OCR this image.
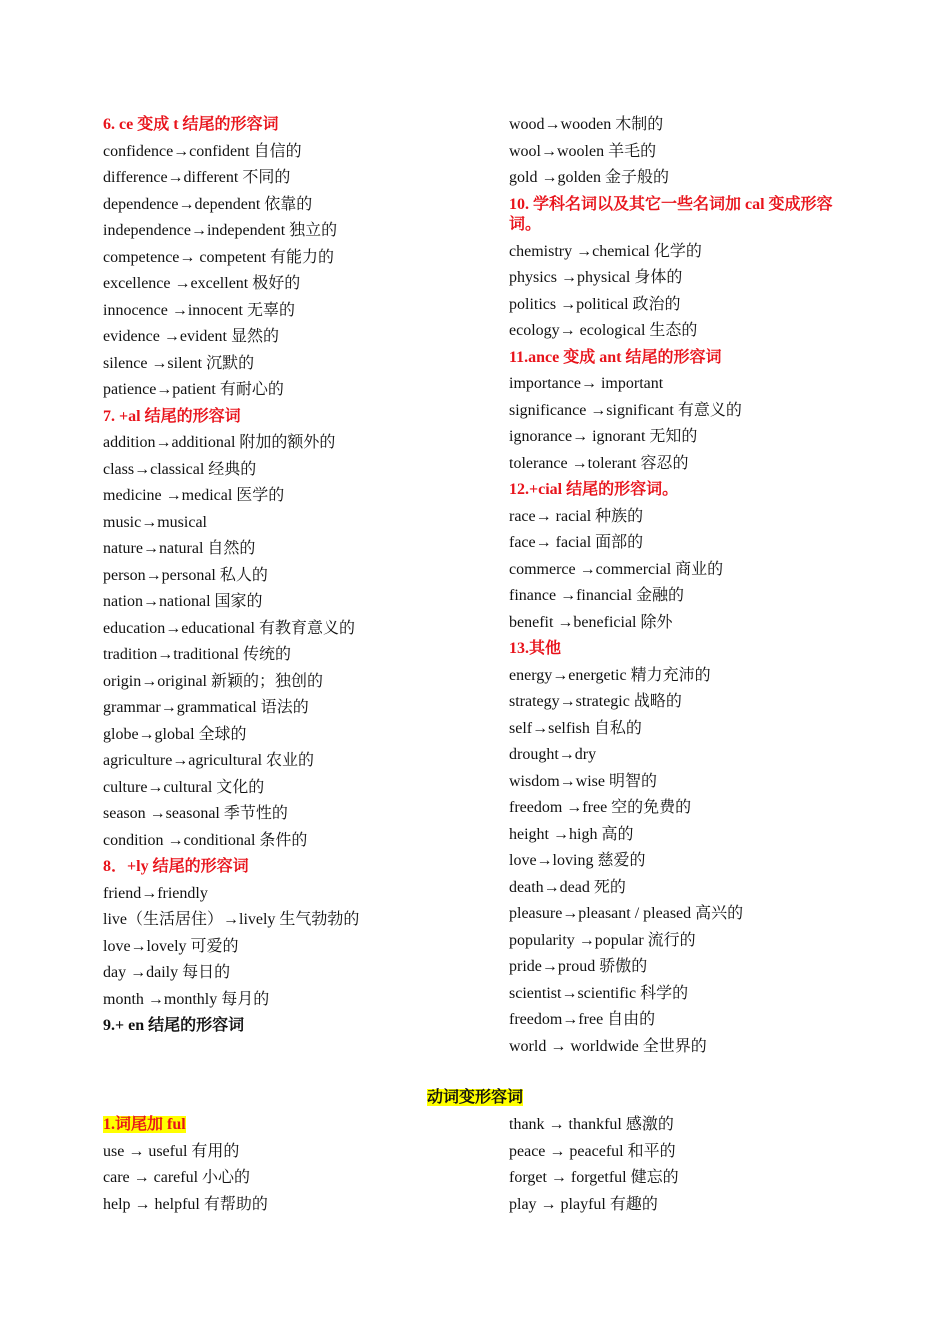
6. ce 变成 t 结尾的形容词
confidence→confident 自信的
difference→different 不同的
dependence→dependent 依靠的
independence→independent 独立的
competence→ competent 有能力的
excellence →excellent 极好的
innocence →innocent 无辜的
evidence →evident 显然的
silence →silent 沉默的
patience→patient 有耐心的
7. +al 结尾的形容词
addition→additional 附加的额外的
class→classical 经典的
medicine →medical 医学的
music→musical
nature→natural 自然的
person→personal 私人的
nation→national 国家的
education→educational 有教育意义的
tradition→traditional 传统的
origin→original 新颖的；独创的
grammar→grammatical 语法的
globe→global 全球的
agriculture→agricultural 农业的
culture→cultural 文化的
season →seasonal 季节性的
condition →conditional 条件的
8．+ly 结尾的形容词
friend→friendly
live（生活居住）→lively 生气勃勃的
love→lovely 可爱的
day →daily 每日的
month →monthly 每月的
9.+ en 结尾的形容词
wood→wooden 木制的
wool→woolen 羊毛的
gold →golden 金子般的
10. 学科名词以及其它一些名词加 cal 变成形容词。
chemistry →chemical 化学的
physics →physical 身体的
politics →political 政治的
ecology→ ecological 生态的
11.ance 变成 ant 结尾的形容词
importance→ important
significance →significant 有意义的
ignorance→ ignorant 无知的
tolerance →tolerant 容忍的
12.+cial 结尾的形容词。
race→ racial 种族的
face→ facial 面部的
commerce →commercial 商业的
finance →financial 金融的
benefit →beneficial 除外
13.其他
energy→energetic 精力充沛的
strategy→strategic 战略的
self→selfish 自私的
drought→dry
wisdom→wise 明智的
freedom →free 空的免费的
height →high 高的
love→loving 慈爱的
death→dead 死的
pleasure→pleasant / pleased 高兴的
popularity →popular 流行的
pride→proud 骄傲的
scientist→scientific 科学的
freedom→free 自由的
world → worldwide 全世界的
动词变形容词
1.词尾加 ful
use → useful 有用的
care → careful 小心的
help → helpful 有帮助的
thank → thankful 感激的
peace → peaceful 和平的
forget → forgetful 健忘的
play → playful 有趣的
